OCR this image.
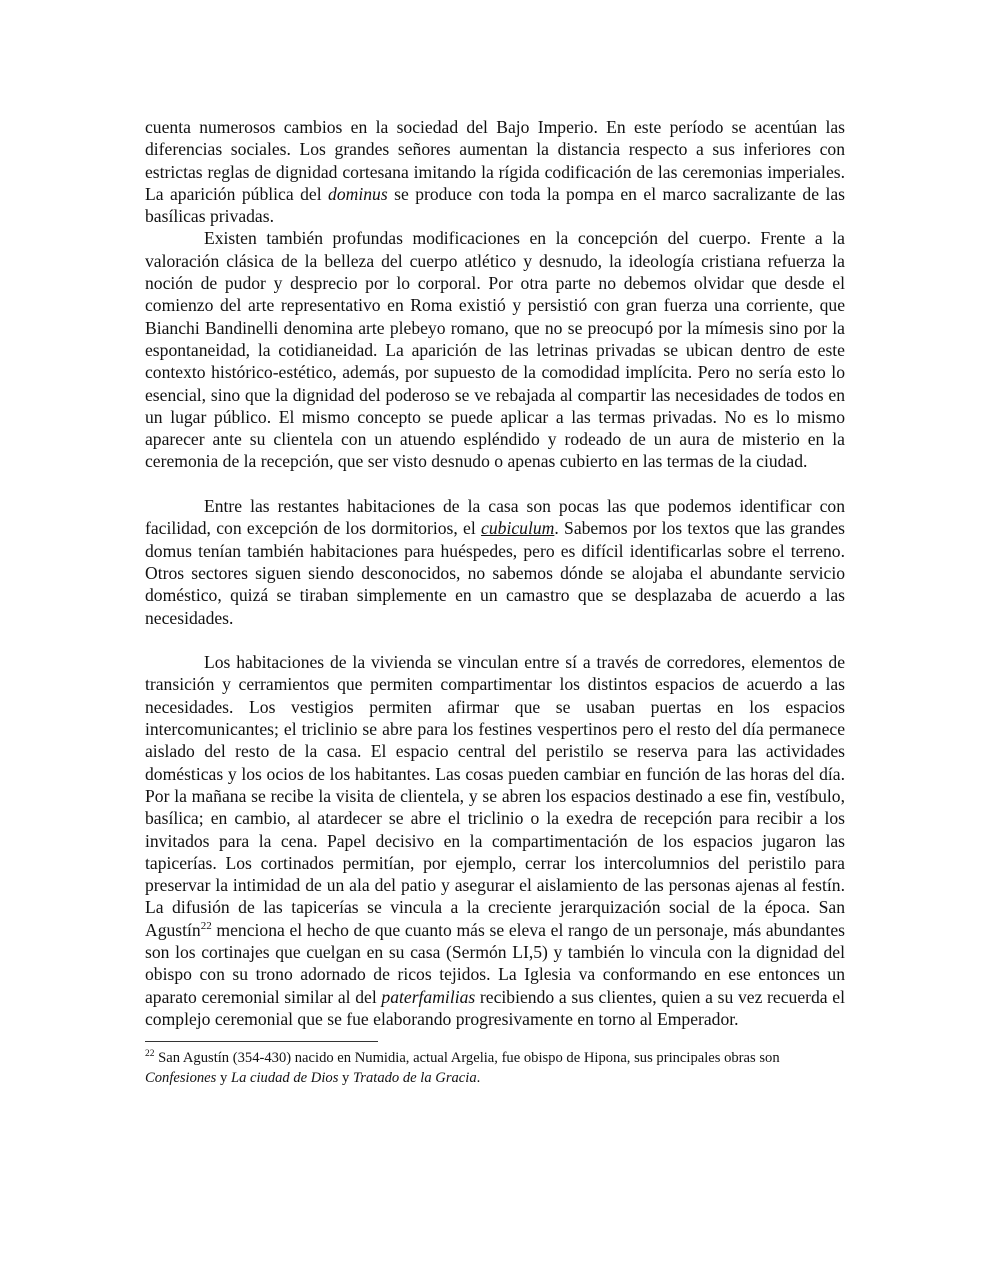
cuenta numerosos cambios en la sociedad del Bajo Imperio. En este período se acentúan las diferencias sociales. Los grandes señores aumentan la distancia respecto a sus inferiores con estrictas reglas de dignidad cortesana imitando la rígida codificación de las ceremonias imperiales. La aparición pública del dominus se produce con toda la pompa en el marco sacralizante de las basílicas privadas.

Existen también profundas modificaciones en la concepción del cuerpo. Frente a la valoración clásica de la belleza del cuerpo atlético y desnudo, la ideología cristiana refuerza la noción de pudor y desprecio por lo corporal. Por otra parte no debemos olvidar que desde el comienzo del arte representativo en Roma existió y persistió con gran fuerza una corriente, que Bianchi Bandinelli denomina arte plebeyo romano, que no se preocupó por la mímesis sino por la espontaneidad, la cotidianeidad. La aparición de las letrinas privadas se ubican dentro de este contexto histórico-estético, además, por supuesto de la comodidad implícita. Pero no sería esto lo esencial, sino que la dignidad del poderoso se ve rebajada al compartir las necesidades de todos en un lugar público. El mismo concepto se puede aplicar a las termas privadas. No es lo mismo aparecer ante su clientela con un atuendo espléndido y rodeado de un aura de misterio en la ceremonia de la recepción, que ser visto desnudo o apenas cubierto en las termas de la ciudad.

Entre las restantes habitaciones de la casa son pocas las que podemos identificar con facilidad, con excepción de los dormitorios, el cubiculum. Sabemos por los textos que las grandes domus tenían también habitaciones para huéspedes, pero es difícil identificarlas sobre el terreno. Otros sectores siguen siendo desconocidos, no sabemos dónde se alojaba el abundante servicio doméstico, quizá se tiraban simplemente en un camastro que se desplazaba de acuerdo a las necesidades.

Los habitaciones de la vivienda se vinculan entre sí a través de corredores, elementos de transición y cerramientos que permiten compartimentar los distintos espacios de acuerdo a las necesidades. Los vestigios permiten afirmar que se usaban puertas en los espacios intercomunicantes; el triclinio se abre para los festines vespertinos pero el resto del día permanece aislado del resto de la casa. El espacio central del peristilo se reserva para las actividades domésticas y los ocios de los habitantes. Las cosas pueden cambiar en función de las horas del día. Por la mañana se recibe la visita de clientela, y se abren los espacios destinado a ese fin, vestíbulo, basílica; en cambio, al atardecer se abre el triclinio o la exedra de recepción para recibir a los invitados para la cena. Papel decisivo en la compartimentación de los espacios jugaron las tapicerías. Los cortinados permitían, por ejemplo, cerrar los intercolumnios del peristilo para preservar la intimidad de un ala del patio y asegurar el aislamiento de las personas ajenas al festín. La difusión de las tapicerías se vincula a la creciente jerarquización social de la época. San Agustín$^{22}$ menciona el hecho de que cuanto más se eleva el rango de un personaje, más abundantes son los cortinajes que cuelgan en su casa (Sermón LI,5) y también lo vincula con la dignidad del obispo con su trono adornado de ricos tejidos. La Iglesia va conformando en ese entonces un aparato ceremonial similar al del paterfamilias recibiendo a sus clientes, quien a su vez recuerda el complejo ceremonial que se fue elaborando progresivamente en torno al Emperador.

$^{22}$ San Agustín (354-430) nacido en Numidia, actual Argelia, fue obispo de Hipona, sus principales obras son Confesiones y La ciudad de Dios y Tratado de la Gracia.
